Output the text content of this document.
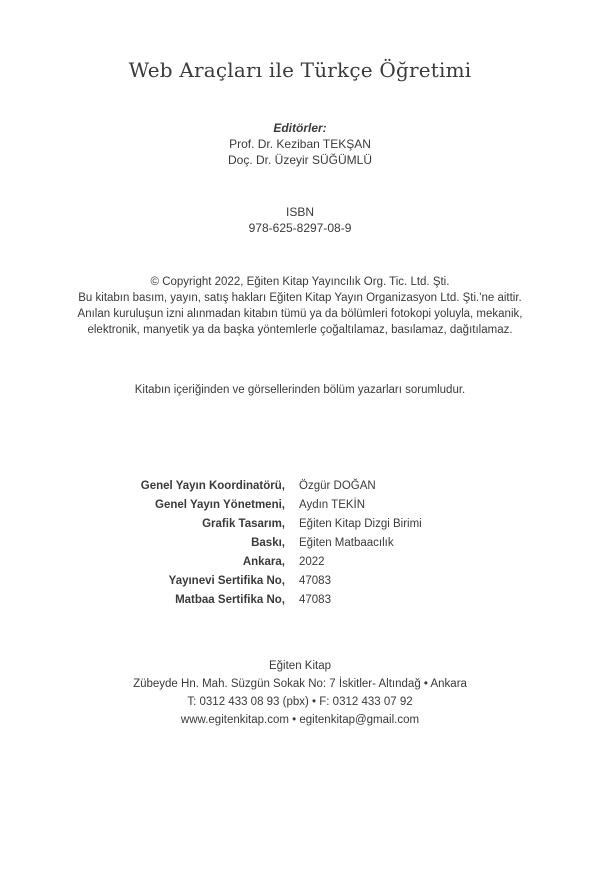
Web Araçları ile Türkçe Öğretimi
Editörler:
Prof. Dr. Keziban TEKŞAN
Doç. Dr. Üzeyir SÜĞÜMLÜ
ISBN
978-625-8297-08-9

© Copyright 2022, Eğiten Kitap Yayıncılık Org. Tic. Ltd. Şti.

Bu kitabın basım, yayın, satış hakları Eğiten Kitap Yayın Organizasyon Ltd. Şti.'ne aittir. Anılan kuruluşun izni alınmadan kitabın tümü ya da bölümleri fotokopi yoluyla, mekanik, elektronik, manyetik ya da başka yöntemlerle çoğaltılamaz, basılamaz, dağıtılamaz.

Kitabın içeriğinden ve görsellerinden bölüm yazarları sorumludur.
Genel Yayın Koordinatörü, Özgür DOĞAN
Genel Yayın Yönetmeni, Aydın TEKİN
Grafik Tasarım, Eğiten Kitap Dizgi Birimi
Baskı, Eğiten Matbaacılık
Ankara, 2022
Yayınevi Sertifika No, 47083
Matbaa Sertifika No, 47083
Eğiten Kitap
Zübeyde Hn. Mah. Süzgün Sokak No: 7 İskitler- Altındağ • Ankara
T: 0312 433 08 93 (pbx) • F: 0312 433 07 92
www.egitenkitap.com • egitenkitap@gmail.com
